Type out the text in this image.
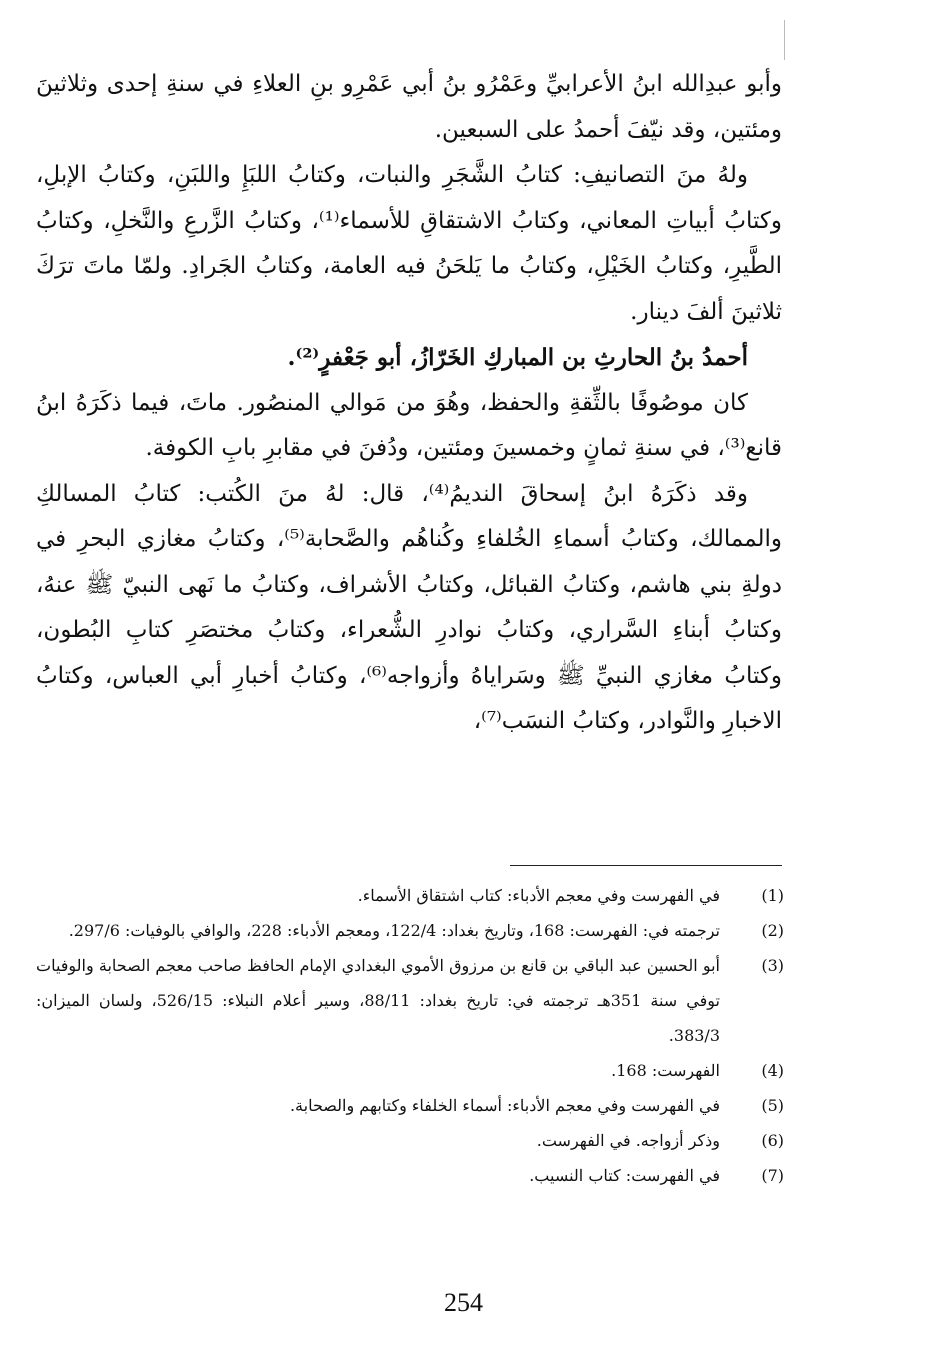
وأبو عبدِالله ابنُ الأعرابيِّ وعَمْرُو بنُ أبي عَمْرِو بنِ العلاءِ في سنةِ إحدى وثلاثينَ ومئتين، وقد نيّفَ أحمدُ على السبعين.

ولهُ منَ التصانيفِ: كتابُ الشَّجَرِ والنبات، وكتابُ اللبَإِ واللبَنِ، وكتابُ الإبلِ، وكتابُ أبياتِ المعاني، وكتابُ الاشتقاقِ للأسماء⁽¹⁾، وكتابُ الزَّرعِ والنَّخلِ، وكتابُ الطَّيرِ، وكتابُ الخَيْلِ، وكتابُ ما يَلحَنُ فيه العامة، وكتابُ الجَرادِ. ولمّا ماتَ ترَكَ ثلاثينَ ألفَ دينار.

أحمدُ بنُ الحارثِ بن المباركِ الخَرّازُ، أبو جَعْفرٍ⁽²⁾.

كان موصُوفًا بالثِّقةِ والحفظ، وهُوَ من مَوالي المنصُور. ماتَ، فيما ذكَرَهُ ابنُ قانع⁽³⁾، في سنةِ ثمانٍ وخمسينَ ومئتين، ودُفنَ في مقابرِ بابِ الكوفة.

وقد ذكَرَهُ ابنُ إسحاقَ النديمُ⁽⁴⁾، قال: لهُ منَ الكُتب: كتابُ المسالكِ والممالك، وكتابُ أسماءِ الخُلفاءِ وكُناهُم والصَّحابة⁽⁵⁾، وكتابُ مغازي البحرِ في دولةِ بني هاشم، وكتابُ القبائل، وكتابُ الأشراف، وكتابُ ما نَهى النبيّ ﷺ عنهُ، وكتابُ أبناءِ السَّراري، وكتابُ نوادرِ الشُّعراء، وكتابُ مختصَرِ كتابِ البُطون، وكتابُ مغازي النبيِّ ﷺ وسَراياهُ وأزواجه⁽⁶⁾، وكتابُ أخبارِ أبي العباس، وكتابُ الاخبارِ والنَّوادر، وكتابُ النسَب⁽⁷⁾،

(1)
في الفهرست وفي معجم الأدباء: كتاب اشتقاق الأسماء.
(2)
ترجمته في: الفهرست: 168، وتاريخ بغداد: 122/4، ومعجم الأدباء: 228، والوافي بالوفيات: 297/6.
(3)
أبو الحسين عبد الباقي بن قانع بن مرزوق الأموي البغدادي الإمام الحافظ صاحب معجم الصحابة والوفيات توفي سنة 351هـ ترجمته في: تاريخ بغداد: 88/11، وسير أعلام النبلاء: 526/15، ولسان الميزان: 383/3.
(4)
الفهرست: 168.
(5)
في الفهرست وفي معجم الأدباء: أسماء الخلفاء وكتابهم والصحابة.
(6)
وذكر أزواجه. في الفهرست.
(7)
في الفهرست: كتاب النسيب.
254
